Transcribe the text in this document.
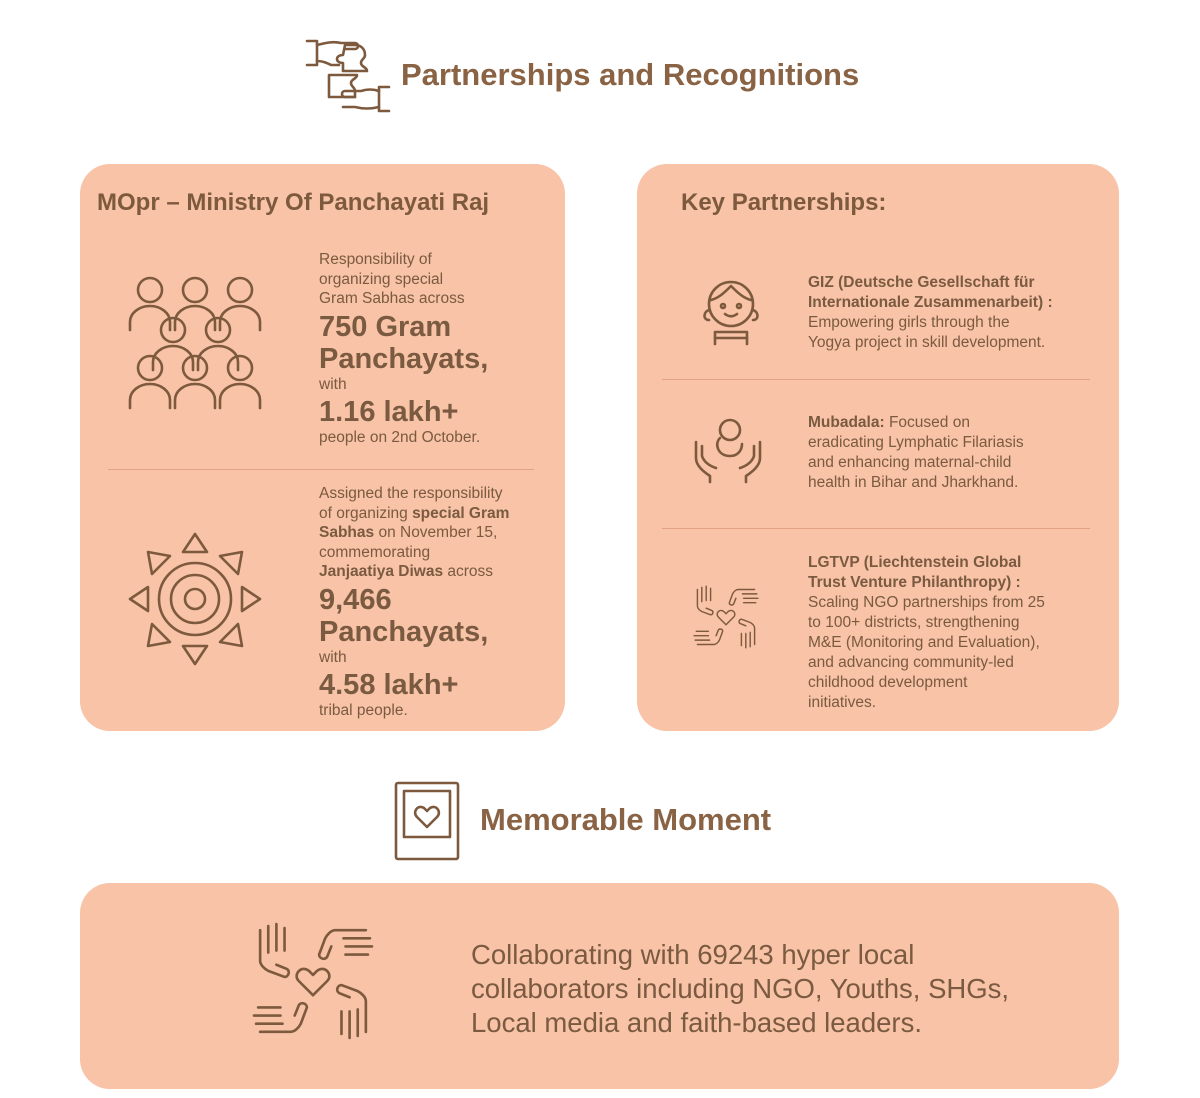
Partnerships and Recognitions
MOpr – Ministry Of Panchayati Raj
Responsibility of
organizing special
Gram Sabhas across
750 Gram
Panchayats,
with
1.16 lakh+
people on 2nd October.
Assigned the responsibility
of organizing special Gram
Sabhas on November 15,
commemorating
Janjaatiya Diwas across
9,466
Panchayats,
with
4.58 lakh+
tribal people.
Key Partnerships:
GIZ (Deutsche Gesellschaft für
Internationale Zusammenarbeit) :
Empowering girls through the
Yogya project in skill development.
Mubadala: Focused on
eradicating Lymphatic Filariasis
and enhancing maternal-child
health in Bihar and Jharkhand.
LGTVP (Liechtenstein Global
Trust Venture Philanthropy) :
Scaling NGO partnerships from 25
to 100+ districts, strengthening
M&E (Monitoring and Evaluation),
and advancing community-led
childhood development
initiatives.
Memorable Moment
Collaborating with 69243 hyper local
collaborators including NGO, Youths, SHGs,
Local media and faith-based leaders.
